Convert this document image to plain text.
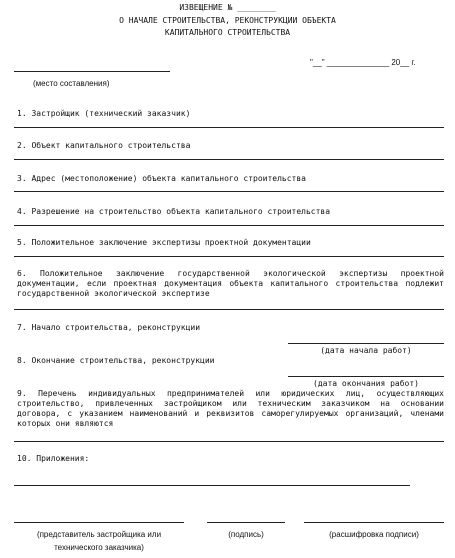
ИЗВЕЩЕНИЕ № ________
О НАЧАЛЕ СТРОИТЕЛЬСТВА, РЕКОНСТРУКЦИИ ОБЪЕКТА
КАПИТАЛЬНОГО СТРОИТЕЛЬСТВА
(место составления)
"__" ______________ 20__ г.
1. Застройщик (технический заказчик)
2. Объект капитального строительства
3. Адрес (местоположение) объекта капитального строительства
4. Разрешение на строительство объекта капитального строительства
5. Положительное заключение экспертизы проектной документации
6. Положительное заключение государственной экологической экспертизы проектной документации, если проектная документация объекта капитального строительства подлежит государственной экологической экспертизе
7. Начало строительства, реконструкции
(дата начала работ)
8. Окончание строительства, реконструкции
(дата окончания работ)
9. Перечень индивидуальных предпринимателей или юридических лиц, осуществляющих строительство, привлеченных застройщиком или техническим заказчиком на основании договора, с указанием наименований и реквизитов саморегулируемых организаций, членами которых они являются
10. Приложения:
(представитель застройщика или
технического заказчика)
(подпись)	(расшифровка подписи)
